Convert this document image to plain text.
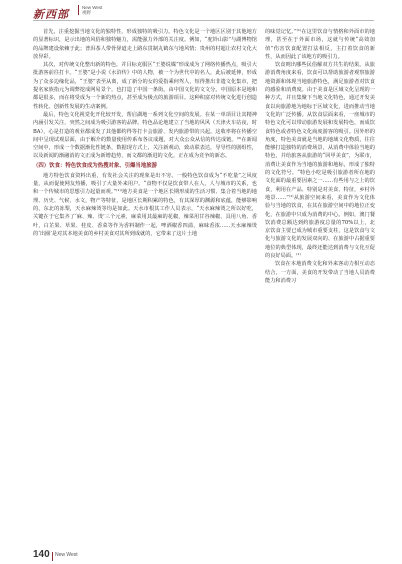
新西部
New West
视野

首先，注重挖掘当地文化的独特性，形成独特的吸引力。特色文化是一个地区区别于其他地方的显著标识，是示出地的风俗和独特魅力，需能强力外部的关注度。例如，“驼铃山影”与湖博物馆的品牌建设依赖于此；普洱茶人带骨驿道走上路东贯制丸鹤东与地风情；贵州的村超让农村文化大放异彩。

其次，对传统文化整出新的特色。并目标克服区“王婆说媒”形成成为了网络传播热点，吸引大批游客前往打卡。“王婆”是小说《水浒传》中的人物，被一个为世代中的名人，此后被延伸，形成为了众多边缘化品，“王婆”表至从离，成了新分的女的爱指乘何驾人，短得推出非遗文化集市，把提名家族指元为调弊挖成网易景个，也打造了中国一条街。由中国文化的文文分。中国原本是地和都是很多，而在将受成为一个新的热点，甚至成为极点的旅游项目。这种积富对传统文化进行创造性转化、创新性发展的生动案例。

最后，特色文化视觉化开化较开发，帮启湖地一系列文化空间的发展。在某一单项目让其精神内涵引发关注，突然之间成为吸引游客的品牌。特色品论地建立了当地的风风（天津火车站夜，时BA），心是打造的观业都成发了其他都约得等打卡会旅游、发内旅游带的兴起。这收率将在传播空间中呈现试观层面，由于解介的数量使用传系布各议成题，对大众公众从信的传达成链。⁽²⁾在新闻空间中，形成一个数据渐化性链条，数据现方式上，关注新观动，致动联表达，导导性的剧组性，以及新闻的渐融消的文正成为新增趋势，而文都的渐进的文化，正在成为竞争的新态。

（四）饮食：特色饮食成为热搜对象、引爆当地旅游

地方特色饮食资料出重，有发社会关注的现象是出不穷。一般特色饮食成为“不吃量”之风度量，从而促使网友热播，吸引了大量外来用户。“食物不仅是饮食带人在人，人与城市的关系，也和一个传城市的思想引力起量而观。”⁽¹⁾⁾地方美食是一个地区长期形成的生活习惯、集合着当地的地理、历史、气候、水文，物产等特征，是地区长期积累的特色，有其深厚的渊源和底蕴，能够影响的，东北的冻梨，天水麻辣烫等均是如此。天水市根其工作人员表示，“天水麻辣烫之所以好吃，关键在于它集齐了‘麻、辣、烫’三个元素，麻菜用其最麻的花椒，辣菜用甘谷辣椒，具用八角、香叶，白芷果、草果、桂皮、香菜等作为香料制作一起，啤酒椒香四溢，麻味香浓……天水麻辣烫的‘出圈’是对其本地美食的乡村美食对其所到成就的，它带来了这片土地

的味觉记忆。”⁽¹⁾在这里饮食与情格和外面市的地理，甚至在于外面市场，这就与传统“高效加值”伤害饮食配置打法相反，主打着饮食的新性，从而因此了该地方的吸引力。

饮食则出哪些民俗解双方共生的结果。从旅游消费角度来看，饮食可以帮助旅游者观察旅游地资源和体现当地旅游特色，满足旅游者对饮食的感验和消费度。由于美食是区域文化呈现的一种方式，并且集聚下当地文化特色，通过开发美食以向旅游地为地标于区域文化，进而推动当地文化的广泛传播。从饮食层面来看，一座城市的特色文化可以带动旅游发展和发展特色，而成饮食特色或者特色文化商度游客的吸引。因外形的角度，特色美食就是当地的地域文化物质，往往能够打造独特的消费场景，从消费中体验当地的特色，并给旅客从旅游的“回甲美食”，为联市，消费让美食作为当地的旅游和地标，形成了独特的文化符号。“特色小吃是吸引旅游者所在地的文化面的最重要因素之一……有些用与之上的饮食，利用在产品、特别是对美食、特征，乡村外地景……”⁽¹⁾从旅游空间来看，美食作为文化体验与当地的饮食，在其在旅游空间中的地位正变化，在旅游中只成为消费的中心。例如，澳门餐饮消费总额达到约旅游度总量的70%以上，北京饮食主要已成为城市重要支柱，这是饮食与文化与旅游文化的发展双向的、在旅游中占据重要地位的典型体现，最终还能达到消费与文化互促的良好局面。⁽¹⁾

饮食在本地消费文化和外来客动力相互动态结合，一方面，美食的开发带动了当地人员消费能力和消费习

140 New West
